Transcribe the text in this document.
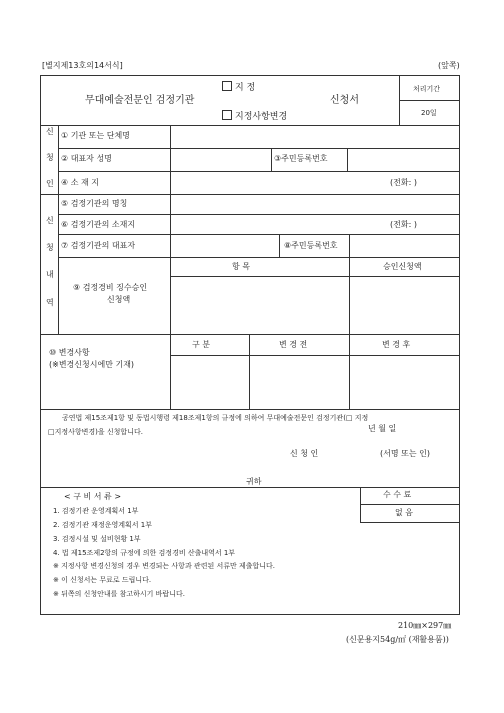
[별지제13호의14서식]	(앞쪽)
지 정
무대예술전문인 검정기관	신청서
지정사항변경
처리기간
20일
신
청
인
① 기관 또는 단체명
② 대표자 성명	③주민등록번호
④ 소 재 지	(전화: )
신
청
내
역
⑤ 검정기관의 명칭
⑥ 검정기관의 소재지	(전화: )
⑦ 검정기관의 대표자	⑧주민등록번호
항 목	승인신청액
⑨ 검정경비 징수승인
신청액
⑩ 변경사항
(※변경신청시에만 기재)
구 분	변 경 전	변 경 후
공연법 제15조제1항 및 동법시행령 제18조제1항의 규정에 의하여 무대예술전문인 검정기관(□ 지정
□지정사항변경)을 신청합니다.	년 월 일
신 청 인	(서명 또는 인)
귀하
< 구 비 서 류 >	수 수 료
없 음
1. 검정기관 운영계획서 1부
2. 검정기관 재정운영계획서 1부
3. 검정시설 및 설비현황 1부
4. 법 제15조제2항의 규정에 의한 검정경비 산출내역서 1부
※ 지정사항 변경신청의 경우 변경되는 사항과 관련된 서류만 제출합니다.
※ 이 신청서는 무료로 드립니다.
※ 뒤쪽의 신청안내를 참고하시기 바랍니다.
210㎜×297㎜
(신문용지54g/㎡ (재활용품))
